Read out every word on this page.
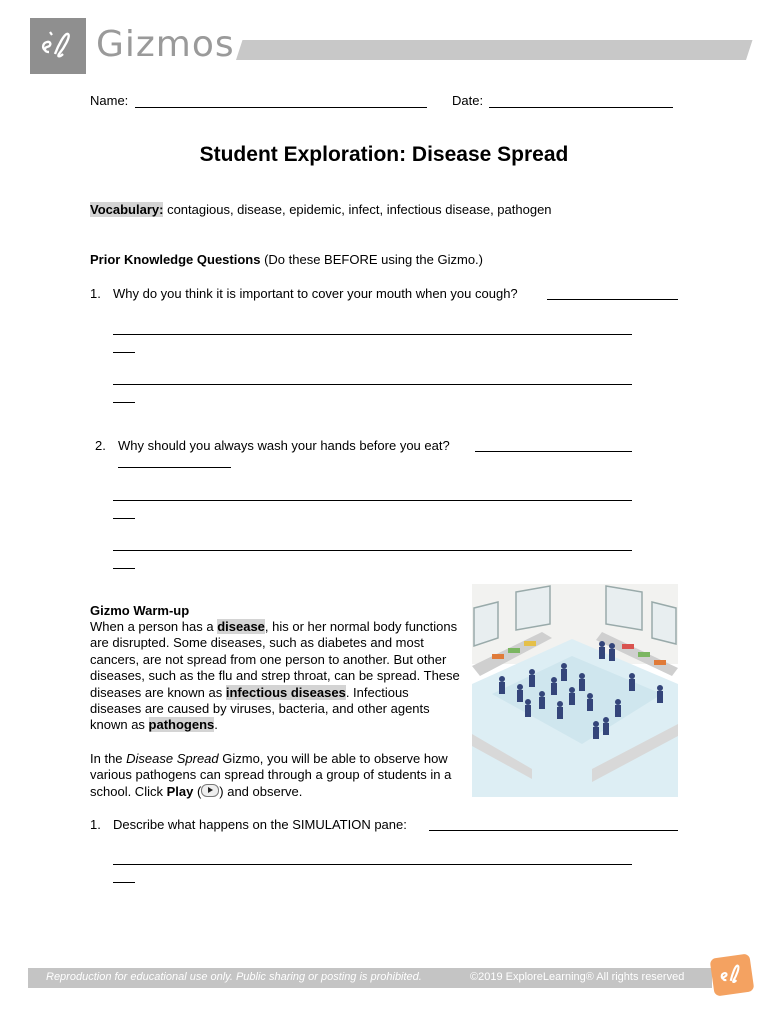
Gizmos
Name:	Date:
Student Exploration: Disease Spread
Vocabulary: contagious, disease, epidemic, infect, infectious disease, pathogen
Prior Knowledge Questions (Do these BEFORE using the Gizmo.)
1. Why do you think it is important to cover your mouth when you cough?
2. Why should you always wash your hands before you eat?
Gizmo Warm-up
When a person has a disease, his or her normal body functions are disrupted. Some diseases, such as diabetes and most cancers, are not spread from one person to another. But other diseases, such as the flu and strep throat, can be spread. These diseases are known as infectious diseases. Infectious diseases are caused by viruses, bacteria, and other agents known as pathogens.
In the Disease Spread Gizmo, you will be able to observe how various pathogens can spread through a group of students in a school. Click Play ( ) and observe.
1. Describe what happens on the SIMULATION pane:
Reproduction for educational use only. Public sharing or posting is prohibited.	©2019 ExploreLearning® All rights reserved
